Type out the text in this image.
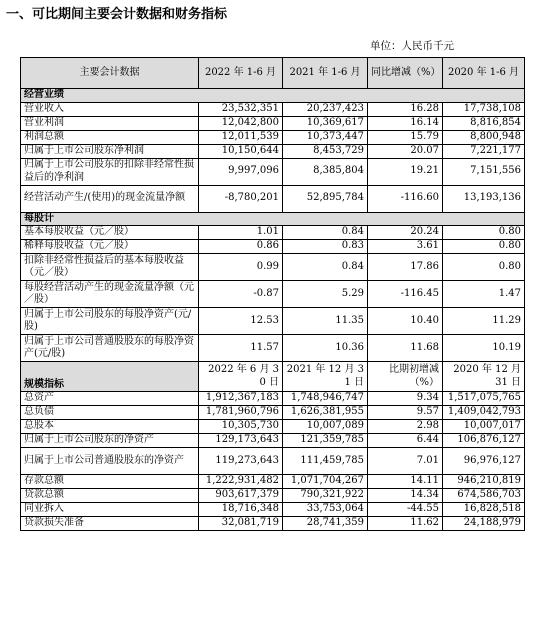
一、可比期间主要会计数据和财务指标
单位：人民币千元
主要会计数据	2022 年 1-6 月	2021 年 1-6 月	同比增减（%）	2020 年 1-6 月
经营业绩				
营业收入	23,532,351	20,237,423	16.28	17,738,108
营业利润	12,042,800	10,369,617	16.14	8,816,854
利润总额	12,011,539	10,373,447	15.79	8,800,948
归属于上市公司股东净利润	10,150,644	8,453,729	20.07	7,221,177
归属于上市公司股东的扣除非经常性损益后的净利润	9,997,096	8,385,804	19.21	7,151,556
经营活动产生/(使用)的现金流量净额	-8,780,201	52,895,784	-116.60	13,193,136
每股计				
基本每股收益（元／股）	1.01	0.84	20.24	0.80
稀释每股收益（元／股）	0.86	0.83	3.61	0.80
扣除非经常性损益后的基本每股收益（元／股）	0.99	0.84	17.86	0.80
每股经营活动产生的现金流量净额（元／股）	-0.87	5.29	-116.45	1.47
归属于上市公司股东的每股净资产(元/股)	12.53	11.35	10.40	11.29
归属于上市公司普通股股东的每股净资产(元/股)	11.57	10.36	11.68	10.19
规模指标	2022 年 6 月 30 日	2021 年 12 月 31 日	比期初增减（%）	2020 年 12 月 31 日
总资产	1,912,367,183	1,748,946,747	9.34	1,517,075,765
总负债	1,781,960,796	1,626,381,955	9.57	1,409,042,793
总股本	10,305,730	10,007,089	2.98	10,007,017
归属于上市公司股东的净资产	129,173,643	121,359,785	6.44	106,876,127
归属于上市公司普通股股东的净资产	119,273,643	111,459,785	7.01	96,976,127
存款总额	1,222,931,482	1,071,704,267	14.11	946,210,819
贷款总额	903,617,379	790,321,922	14.34	674,586,703
同业拆入	18,716,348	33,753,064	-44.55	16,828,518
贷款损失准备	32,081,719	28,741,359	11.62	24,188,979
